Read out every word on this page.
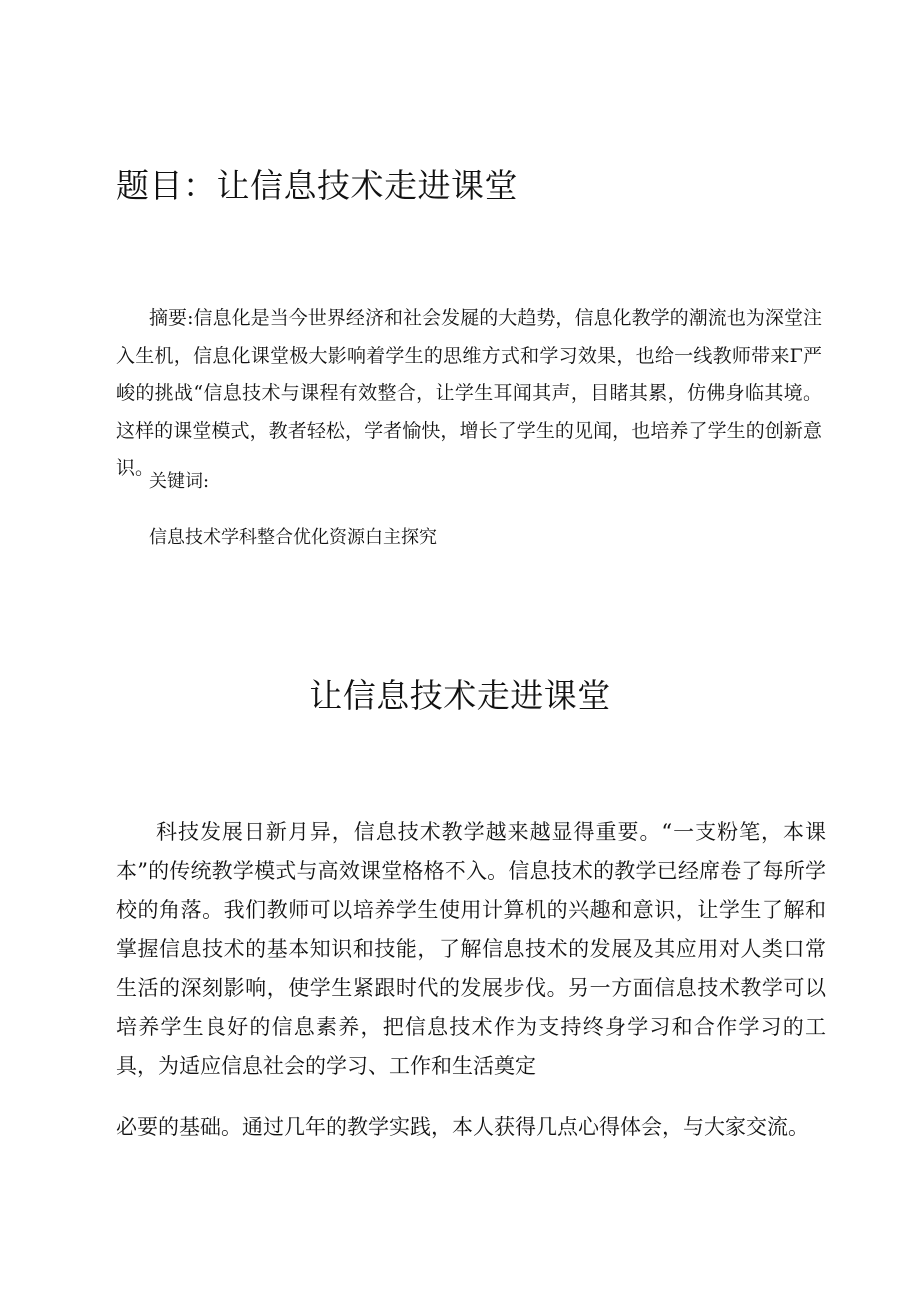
题目：让信息技术走进课堂

摘要:信息化是当今世界经济和社会发屣的大趋势，信息化教学的潮流也为深堂注入生机，信息化课堂极大影响着学生的思维方式和学习效果，也给一线教师带来Γ严峻的挑战“信息技术与课程有效整合，让学生耳闻其声，目睹其累，仿佛身临其境。这样的课堂模式，教者轻松，学者愉快，增长了学生的见闻，也培养了学生的创新意识。

关键词:

信息技术学科整合优化资源白主探究

让信息技术走进课堂

科技发展日新月异，信息技术教学越来越显得重要。“一支粉笔，本课本”的传统教学模式与高效课堂格格不入。信息技术的教学已经席卷了每所学校的角落。我们教师可以培养学生使用计算机的兴趣和意识，让学生了解和掌握信息技术的基本知识和技能，了解信息技术的发展及其应用对人类口常生活的深刻影响，使学生紧跟时代的发展步伐。另一方面信息技术教学可以培养学生良好的信息素养，把信息技术作为支持终身学习和合作学习的工具，为适应信息社会的学习、工作和生活奠定

必要的基础。通过几年的教学实践，本人获得几点心得体会，与大家交流。
